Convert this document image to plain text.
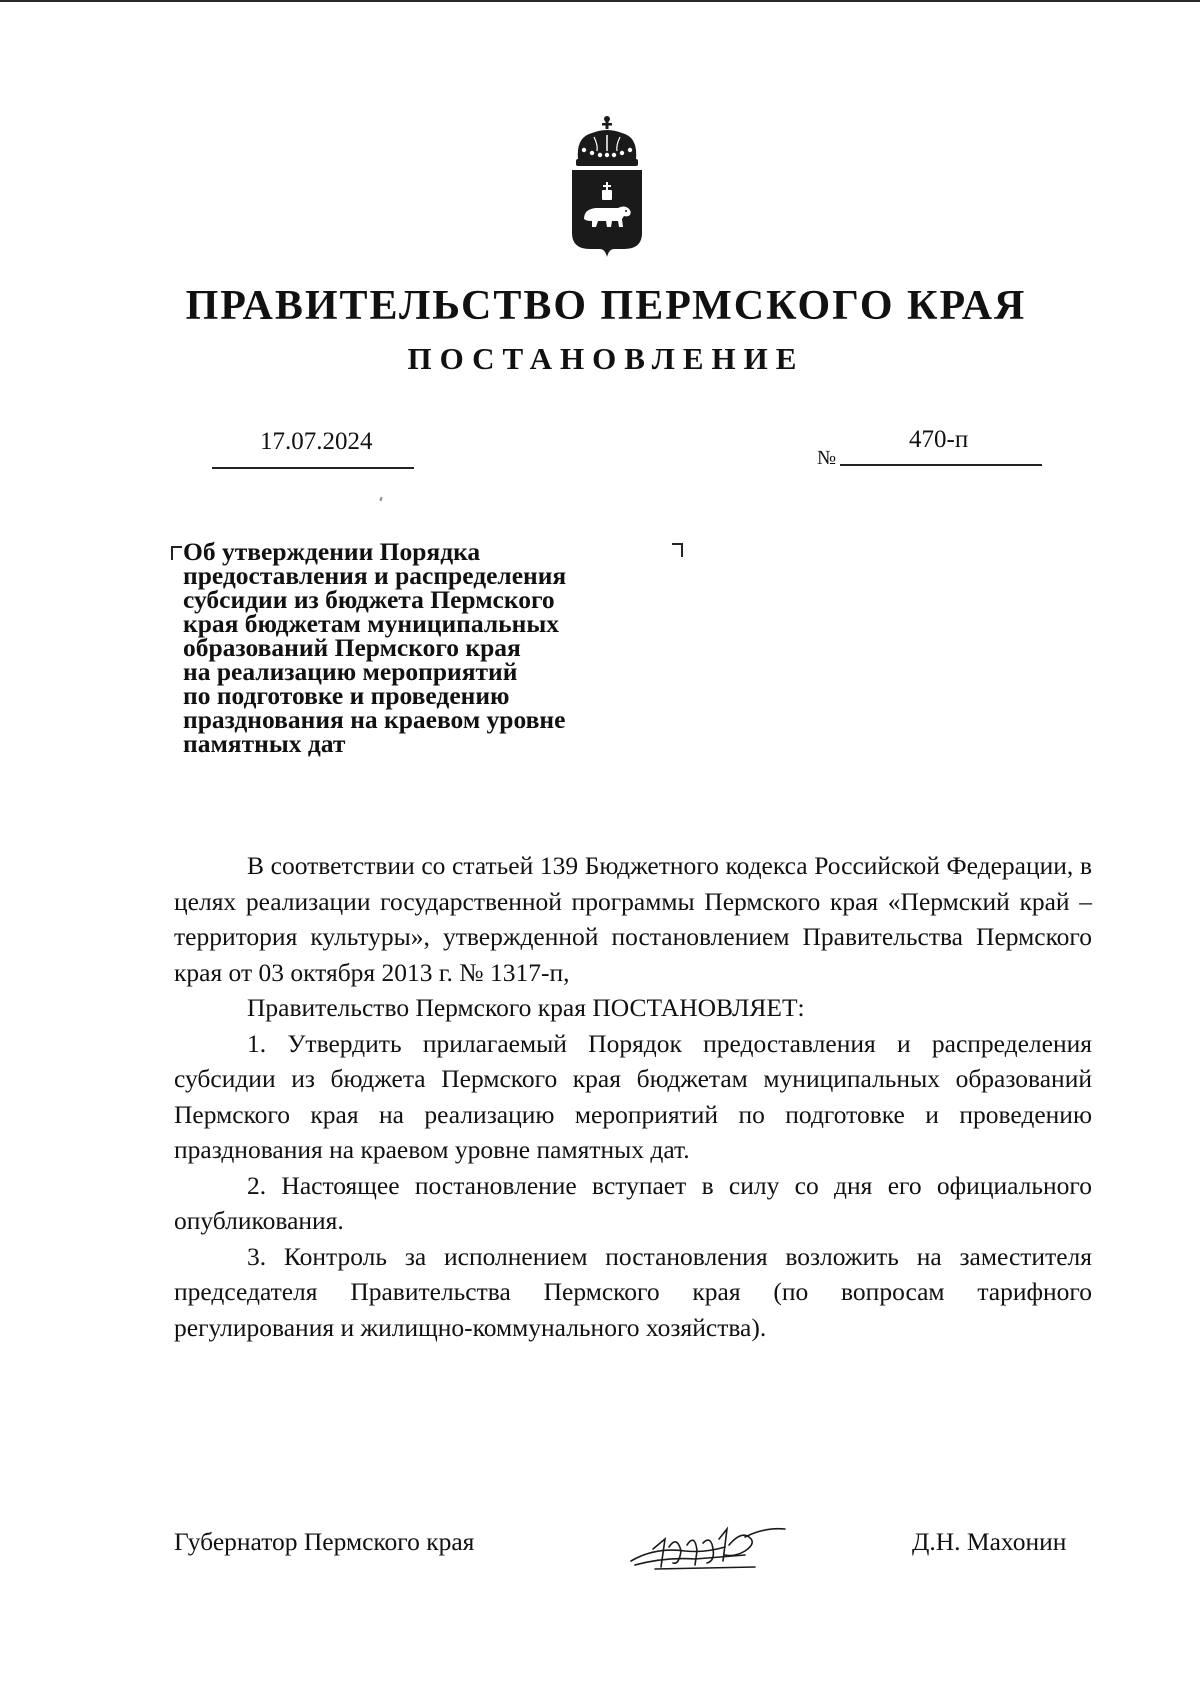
ПРАВИТЕЛЬСТВО ПЕРМСКОГО КРАЯ
ПОСТАНОВЛЕНИЕ
17.07.2024
№
470-п
Об утверждении Порядка
предоставления и распределения
субсидии из бюджета Пермского
края бюджетам муниципальных
образований Пермского края
на реализацию мероприятий
по подготовке и проведению
празднования на краевом уровне
памятных дат

В соответствии со статьей 139 Бюджетного кодекса Российской Федерации, в целях реализации государственной программы Пермского края «Пермский край – территория культуры», утвержденной постановлением Правительства Пермского края от 03 октября 2013 г. № 1317-п,

Правительство Пермского края ПОСТАНОВЛЯЕТ:

1. Утвердить прилагаемый Порядок предоставления и распределения субсидии из бюджета Пермского края бюджетам муниципальных образований Пермского края на реализацию мероприятий по подготовке и проведению празднования на краевом уровне памятных дат.

2. Настоящее постановление вступает в силу со дня его официального опубликования.

3. Контроль за исполнением постановления возложить на заместителя председателя Правительства Пермского края (по вопросам тарифного регулирования и жилищно-коммунального хозяйства).

Губернатор Пермского края	Д.Н. Махонин
